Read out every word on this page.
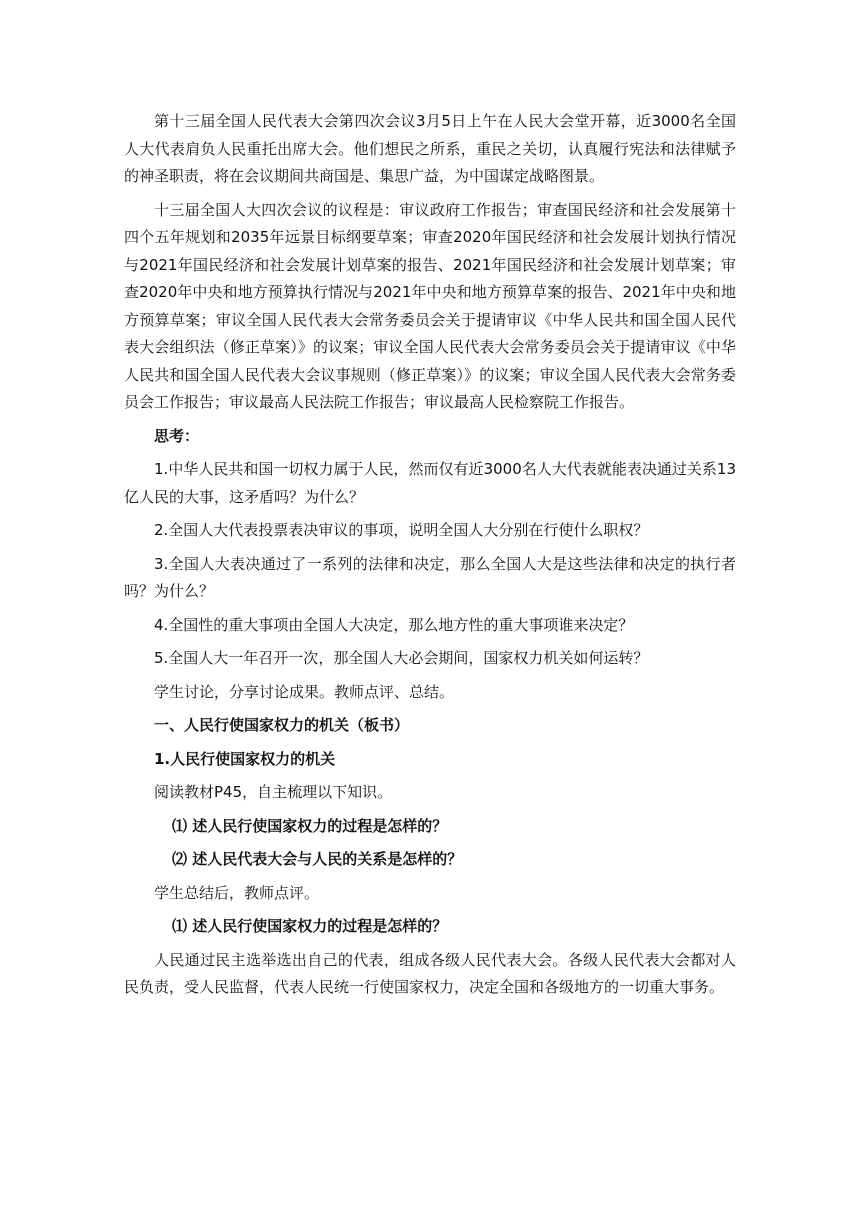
第十三届全国人民代表大会第四次会议3月5日上午在人民大会堂开幕，近3000名全国人大代表肩负人民重托出席大会。他们想民之所系，重民之关切，认真履行宪法和法律赋予的神圣职责，将在会议期间共商国是、集思广益，为中国谋定战略图景。

十三届全国人大四次会议的议程是：审议政府工作报告；审查国民经济和社会发展第十四个五年规划和2035年远景目标纲要草案；审查2020年国民经济和社会发展计划执行情况与2021年国民经济和社会发展计划草案的报告、2021年国民经济和社会发展计划草案；审查2020年中央和地方预算执行情况与2021年中央和地方预算草案的报告、2021年中央和地方预算草案；审议全国人民代表大会常务委员会关于提请审议《中华人民共和国全国人民代表大会组织法（修正草案）》的议案；审议全国人民代表大会常务委员会关于提请审议《中华人民共和国全国人民代表大会议事规则（修正草案）》的议案；审议全国人民代表大会常务委员会工作报告；审议最高人民法院工作报告；审议最高人民检察院工作报告。

思考：

1.中华人民共和国一切权力属于人民，然而仅有近3000名人大代表就能表决通过关系13亿人民的大事，这矛盾吗？为什么？

2.全国人大代表投票表决审议的事项，说明全国人大分别在行使什么职权？

3.全国人大表决通过了一系列的法律和决定，那么全国人大是这些法律和决定的执行者吗？为什么？

4.全国性的重大事项由全国人大决定，那么地方性的重大事项谁来决定？

5.全国人大一年召开一次，那全国人大必会期间，国家权力机关如何运转？

学生讨论，分享讨论成果。教师点评、总结。

一、人民行使国家权力的机关（板书）

1.人民行使国家权力的机关

阅读教材P45，自主梳理以下知识。

⑴ 述人民行使国家权力的过程是怎样的？

⑵ 述人民代表大会与人民的关系是怎样的？

学生总结后，教师点评。

⑴ 述人民行使国家权力的过程是怎样的？

人民通过民主选举选出自己的代表，组成各级人民代表大会。各级人民代表大会都对人民负责，受人民监督，代表人民统一行使国家权力，决定全国和各级地方的一切重大事务。
